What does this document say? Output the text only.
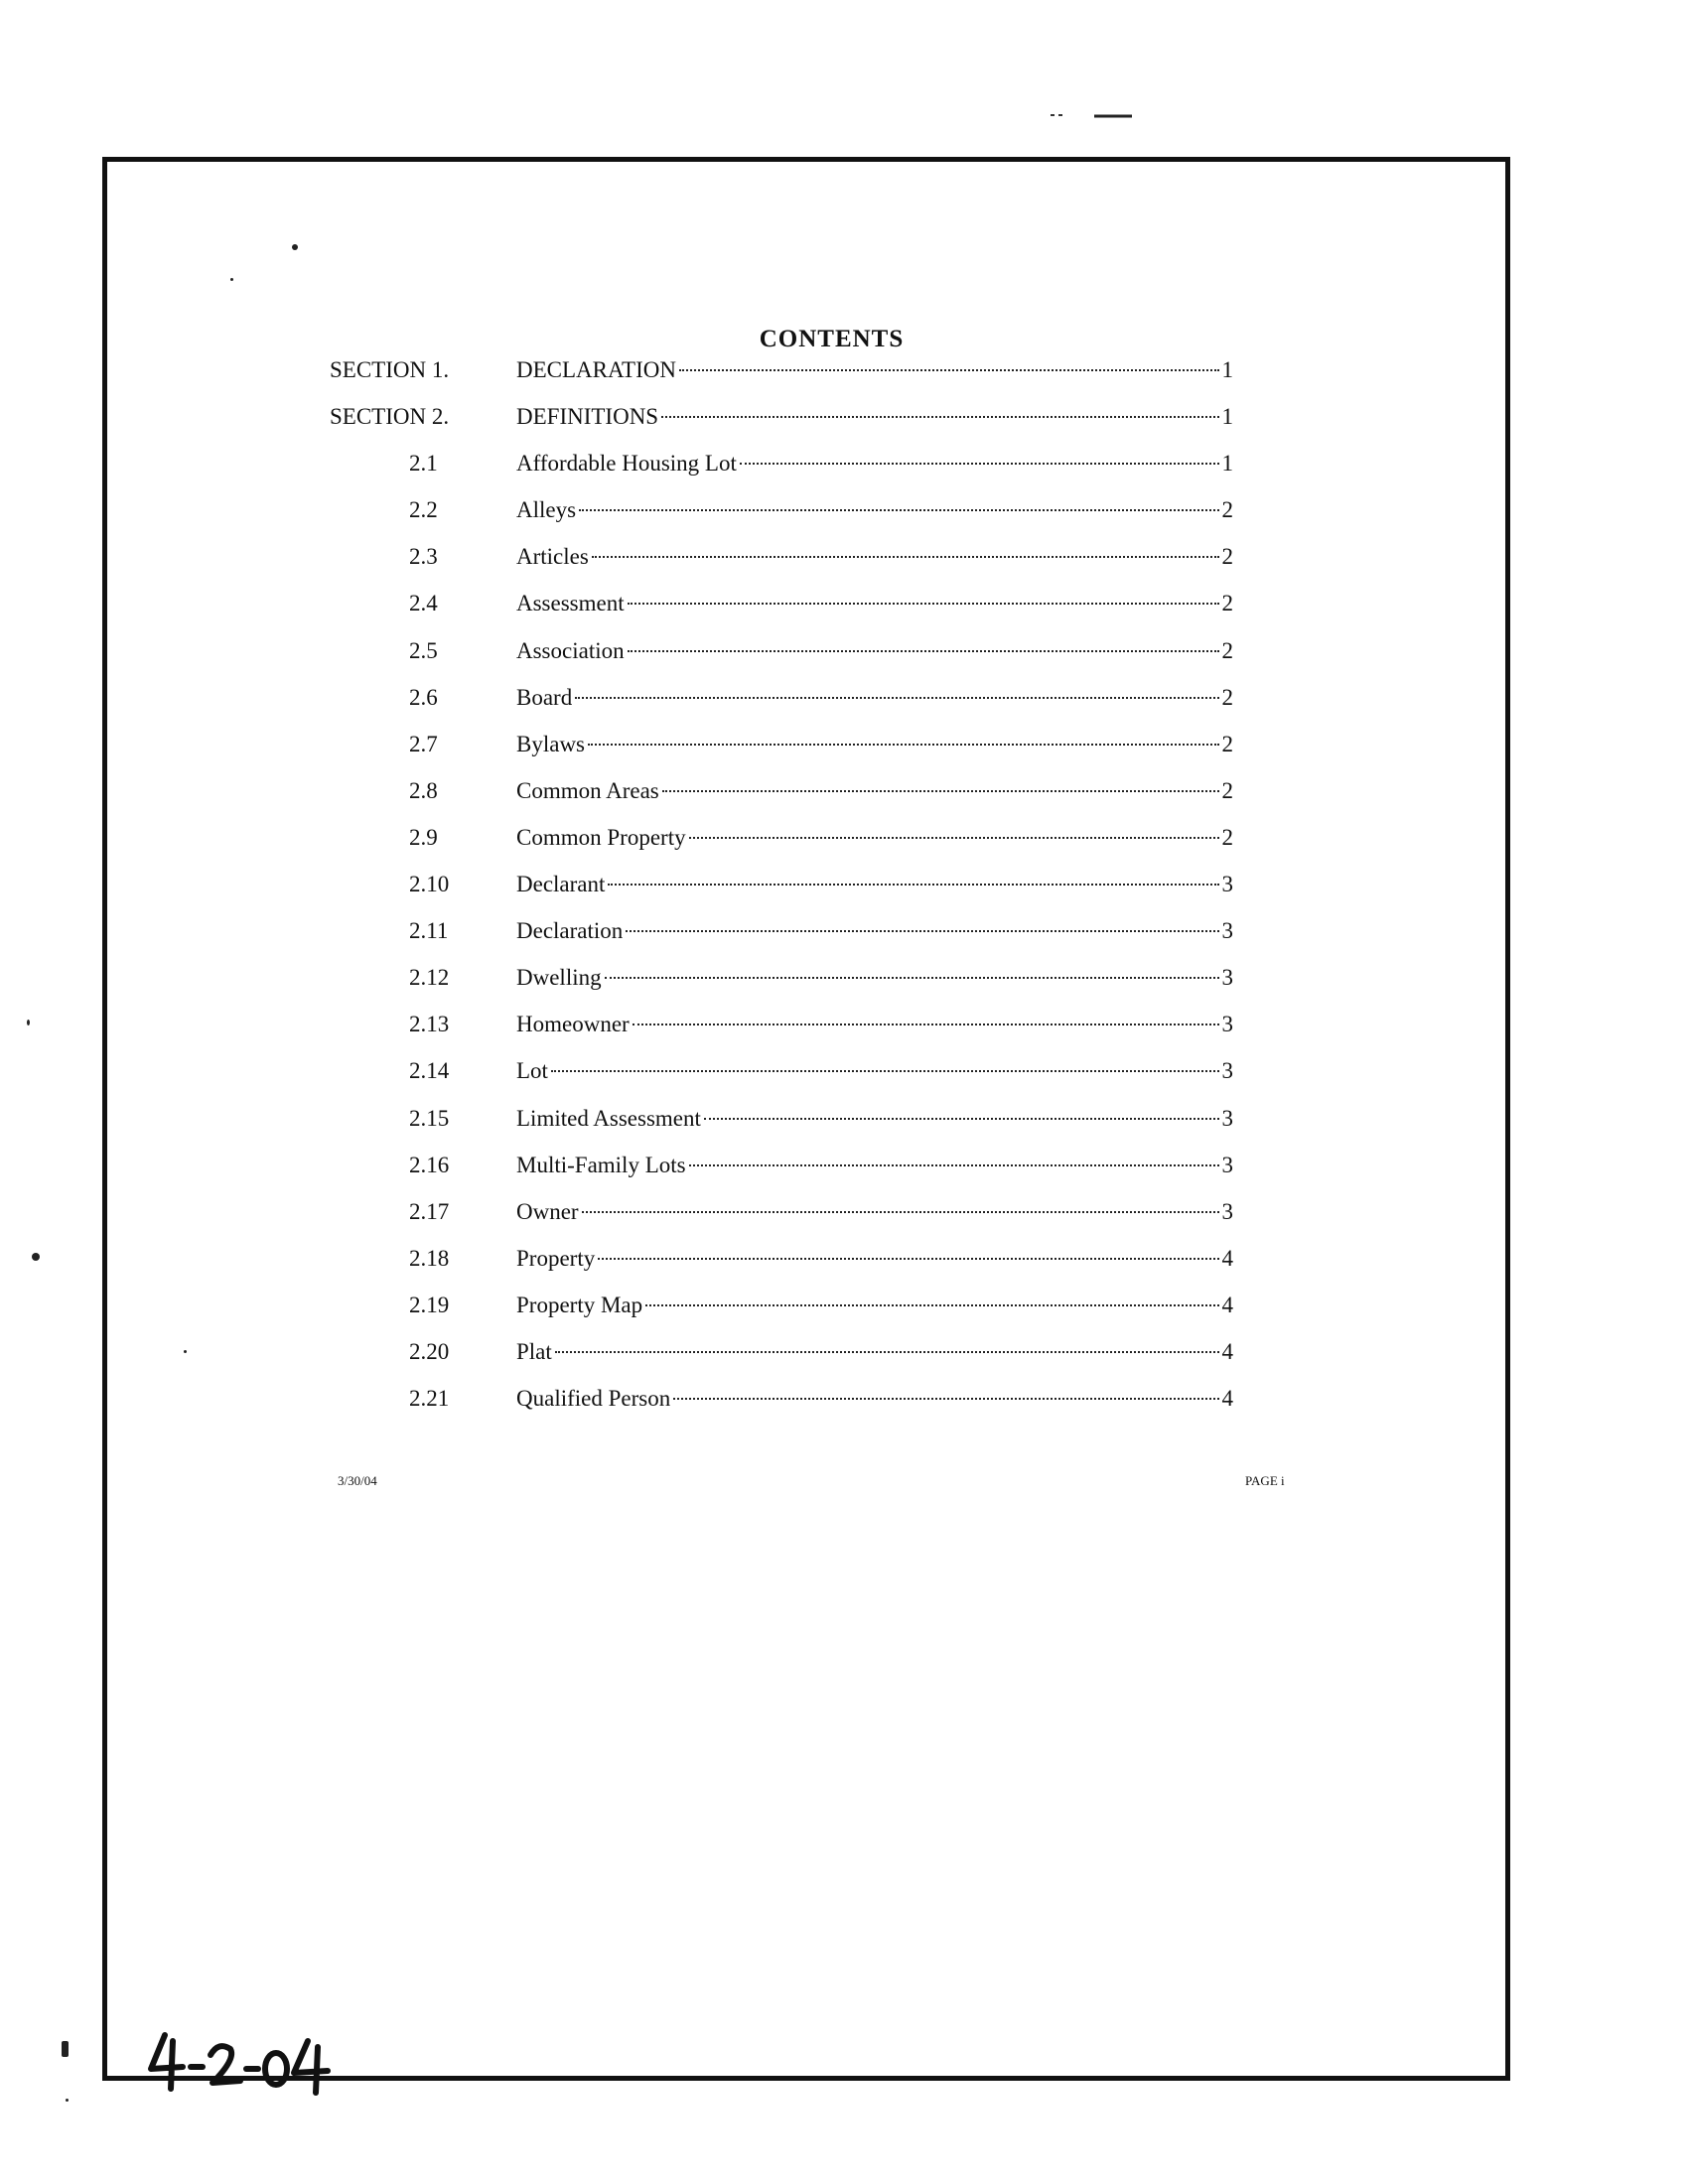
CONTENTS
SECTION 1.	DECLARATION	1
SECTION 2.	DEFINITIONS	1
2.1	Affordable Housing Lot	1
2.2	Alleys	2
2.3	Articles	2
2.4	Assessment	2
2.5	Association	2
2.6	Board	2
2.7	Bylaws	2
2.8	Common Areas	2
2.9	Common Property	2
2.10	Declarant	3
2.11	Declaration	3
2.12	Dwelling	3
2.13	Homeowner	3
2.14	Lot	3
2.15	Limited Assessment	3
2.16	Multi-Family Lots	3
2.17	Owner	3
2.18	Property	4
2.19	Property Map	4
2.20	Plat	4
2.21	Qualified Person	4
3/30/04	PAGE i
